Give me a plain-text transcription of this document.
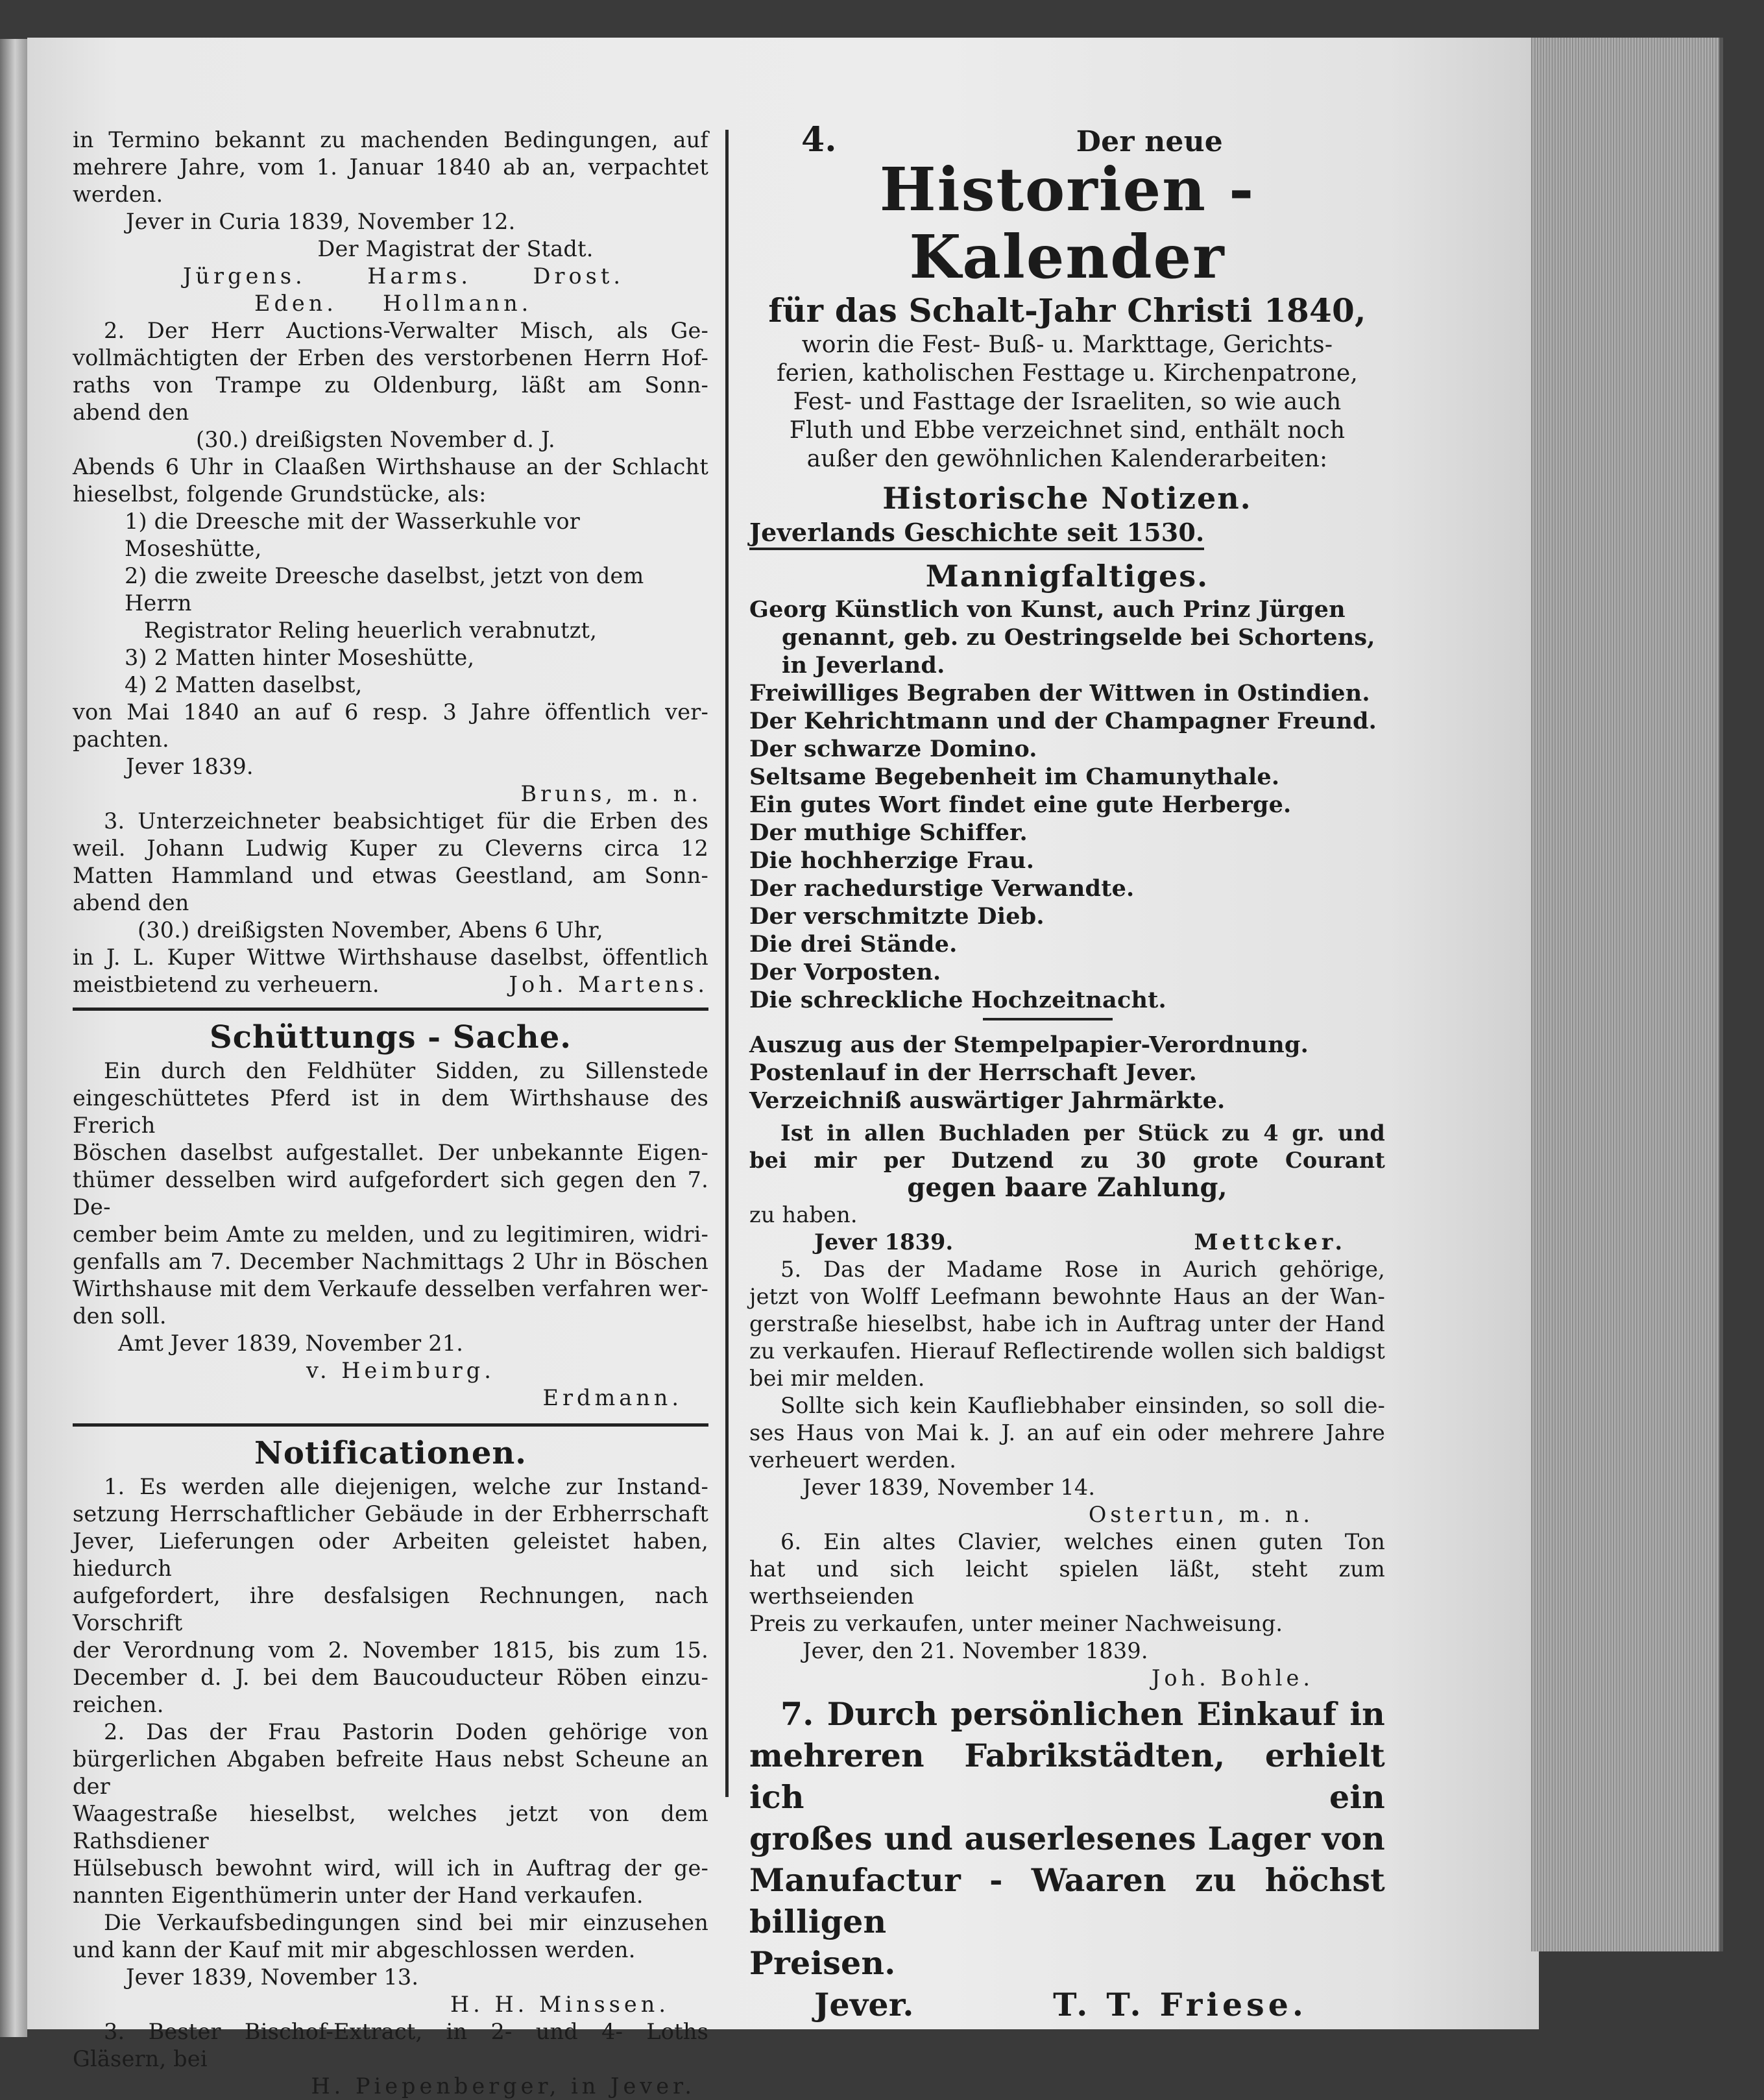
in Termino bekannt zu machenden Bedingungen, auf

mehrere Jahre, vom 1. Januar 1840 ab an, verpachtet

werden.

Jever in Curia 1839, November 12.

Der Magistrat der Stadt.

Jürgens.	Harms.	Drost.

Eden. Hollmann.

2. Der Herr Auctions-Verwalter Misch, als Ge-

vollmächtigten der Erben des verstorbenen Herrn Hof-

raths von Trampe zu Oldenburg, läßt am Sonn-

abend den

(30.) dreißigsten November d. J.

Abends 6 Uhr in Claaßen Wirthshause an der Schlacht

hieselbst, folgende Grundstücke, als:

1) die Dreesche mit der Wasserkuhle vor Moseshütte,

2) die zweite Dreesche daselbst, jetzt von dem Herrn

Registrator Reling heuerlich verabnutzt,

3) 2 Matten hinter Moseshütte,

4) 2 Matten daselbst,

von Mai 1840 an auf 6 resp. 3 Jahre öffentlich ver-

pachten.

Jever 1839.

Bruns, m. n.

3. Unterzeichneter beabsichtiget für die Erben des

weil. Johann Ludwig Kuper zu Cleverns circa 12

Matten Hammland und etwas Geestland, am Sonn-

abend den

(30.) dreißigsten November, Abens 6 Uhr,

in J. L. Kuper Wittwe Wirthshause daselbst, öffentlich

meistbietend zu verheuern.	Joh. Martens.

Schüttungs - Sache.

Ein durch den Feldhüter Sidden, zu Sillenstede

eingeschüttetes Pferd ist in dem Wirthshause des Frerich

Böschen daselbst aufgestallet. Der unbekannte Eigen-

thümer desselben wird aufgefordert sich gegen den 7. De-

cember beim Amte zu melden, und zu legitimiren, widri-

genfalls am 7. December Nachmittags 2 Uhr in Böschen

Wirthshause mit dem Verkaufe desselben verfahren wer-

den soll.

Amt Jever 1839, November 21.

v. Heimburg.

Erdmann.

Notificationen.

1. Es werden alle diejenigen, welche zur Instand-

setzung Herrschaftlicher Gebäude in der Erbherrschaft

Jever, Lieferungen oder Arbeiten geleistet haben, hiedurch

aufgefordert, ihre desfalsigen Rechnungen, nach Vorschrift

der Verordnung vom 2. November 1815, bis zum 15.

December d. J. bei dem Baucouducteur Röben einzu-

reichen.

2. Das der Frau Pastorin Doden gehörige von

bürgerlichen Abgaben befreite Haus nebst Scheune an der

Waagestraße hieselbst, welches jetzt von dem Rathsdiener

Hülsebusch bewohnt wird, will ich in Auftrag der ge-

nannten Eigenthümerin unter der Hand verkaufen.

Die Verkaufsbedingungen sind bei mir einzusehen

und kann der Kauf mit mir abgeschlossen werden.

Jever 1839, November 13.

H. H. Minssen.

3. Bester Bischof-Extract, in 2- und 4- Loths

Gläsern, bei

H. Piepenberger, in Jever.

4.	Der neue

Historien - Kalender

für das Schalt-Jahr Christi 1840,

worin die Fest- Buß- u. Markttage, Gerichts-

ferien, katholischen Festtage u. Kirchenpatrone,

Fest- und Fasttage der Israeliten, so wie auch

Fluth und Ebbe verzeichnet sind, enthält noch

außer den gewöhnlichen Kalenderarbeiten:

Historische Notizen.

Jeverlands Geschichte seit 1530.

Mannigfaltiges.

Georg Künstlich von Kunst, auch Prinz Jürgen

genannt, geb. zu Oestringselde bei Schortens,

in Jeverland.

Freiwilliges Begraben der Wittwen in Ostindien.

Der Kehrichtmann und der Champagner Freund.

Der schwarze Domino.

Seltsame Begebenheit im Chamunythale.

Ein gutes Wort findet eine gute Herberge.

Der muthige Schiffer.

Die hochherzige Frau.

Der rachedurstige Verwandte.

Der verschmitzte Dieb.

Die drei Stände.

Der Vorposten.

Die schreckliche Hochzeitnacht.

Auszug aus der Stempelpapier-Verordnung.

Postenlauf in der Herrschaft Jever.

Verzeichniß auswärtiger Jahrmärkte.

Ist in allen Buchladen per Stück zu 4 gr. und

bei mir per Dutzend zu 30 grote Courant

gegen baare Zahlung,

zu haben.

Jever 1839.	Mettcker.

5. Das der Madame Rose in Aurich gehörige,

jetzt von Wolff Leefmann bewohnte Haus an der Wan-

gerstraße hieselbst, habe ich in Auftrag unter der Hand

zu verkaufen. Hierauf Reflectirende wollen sich baldigst

bei mir melden.

Sollte sich kein Kaufliebhaber einsinden, so soll die-

ses Haus von Mai k. J. an auf ein oder mehrere Jahre

verheuert werden.

Jever 1839, November 14.

Ostertun, m. n.

6. Ein altes Clavier, welches einen guten Ton

hat und sich leicht spielen läßt, steht zum werthseienden

Preis zu verkaufen, unter meiner Nachweisung.

Jever, den 21. November 1839.

Joh. Bohle.

7. Durch persönlichen Einkauf in

mehreren Fabrikstädten, erhielt ich ein

großes und auserlesenes Lager von

Manufactur - Waaren zu höchst billigen

Preisen.

Jever.	T. T. Friese.
